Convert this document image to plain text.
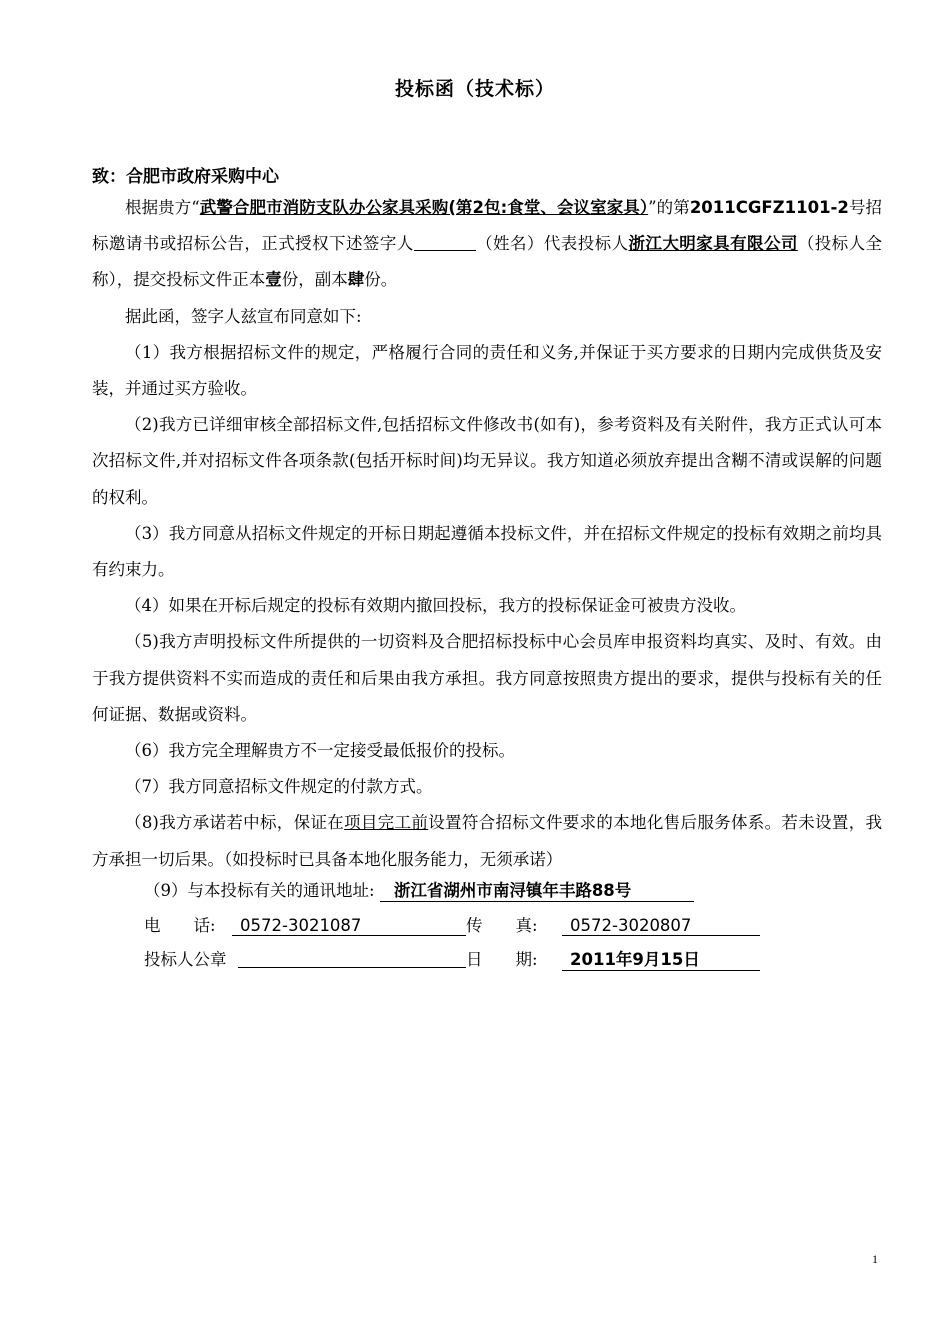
投标函（技术标）
致：合肥市政府采购中心

根据贵方“武警合肥市消防支队办公家具采购(第2包:食堂、会议室家具）”的第2011CGFZ1101-2号招标邀请书或招标公告，正式授权下述签字人	（姓名）代表投标人浙江大明家具有限公司（投标人全称），提交投标文件正本壹份，副本肆份。

据此函，签字人兹宣布同意如下:

（1）我方根据招标文件的规定，严格履行合同的责任和义务,并保证于买方要求的日期内完成供货及安装，并通过买方验收。

（2)我方已详细审核全部招标文件,包括招标文件修改书(如有)，参考资料及有关附件，我方正式认可本次招标文件,并对招标文件各项条款(包括开标时间)均无异议。我方知道必须放弃提出含糊不清或误解的问题的权利。

（3）我方同意从招标文件规定的开标日期起遵循本投标文件，并在招标文件规定的投标有效期之前均具有约束力。

（4）如果在开标后规定的投标有效期内撤回投标，我方的投标保证金可被贵方没收。

（5)我方声明投标文件所提供的一切资料及合肥招标投标中心会员库申报资料均真实、及时、有效。由于我方提供资料不实而造成的责任和后果由我方承担。我方同意按照贵方提出的要求，提供与投标有关的任何证据、数据或资料。

（6）我方完全理解贵方不一定接受最低报价的投标。

（7）我方同意招标文件规定的付款方式。

（8)我方承诺若中标，保证在项目完工前设置符合招标文件要求的本地化售后服务体系。若未设置，我方承担一切后果。（如投标时已具备本地化服务能力，无须承诺）

（9）与本投标有关的通讯地址: 浙江省湖州市南浔镇年丰路88号
电　　话: 0572-3021087	传　　真: 0572-3020807
投标人公章	日　　期: 2011年9月15日
1
